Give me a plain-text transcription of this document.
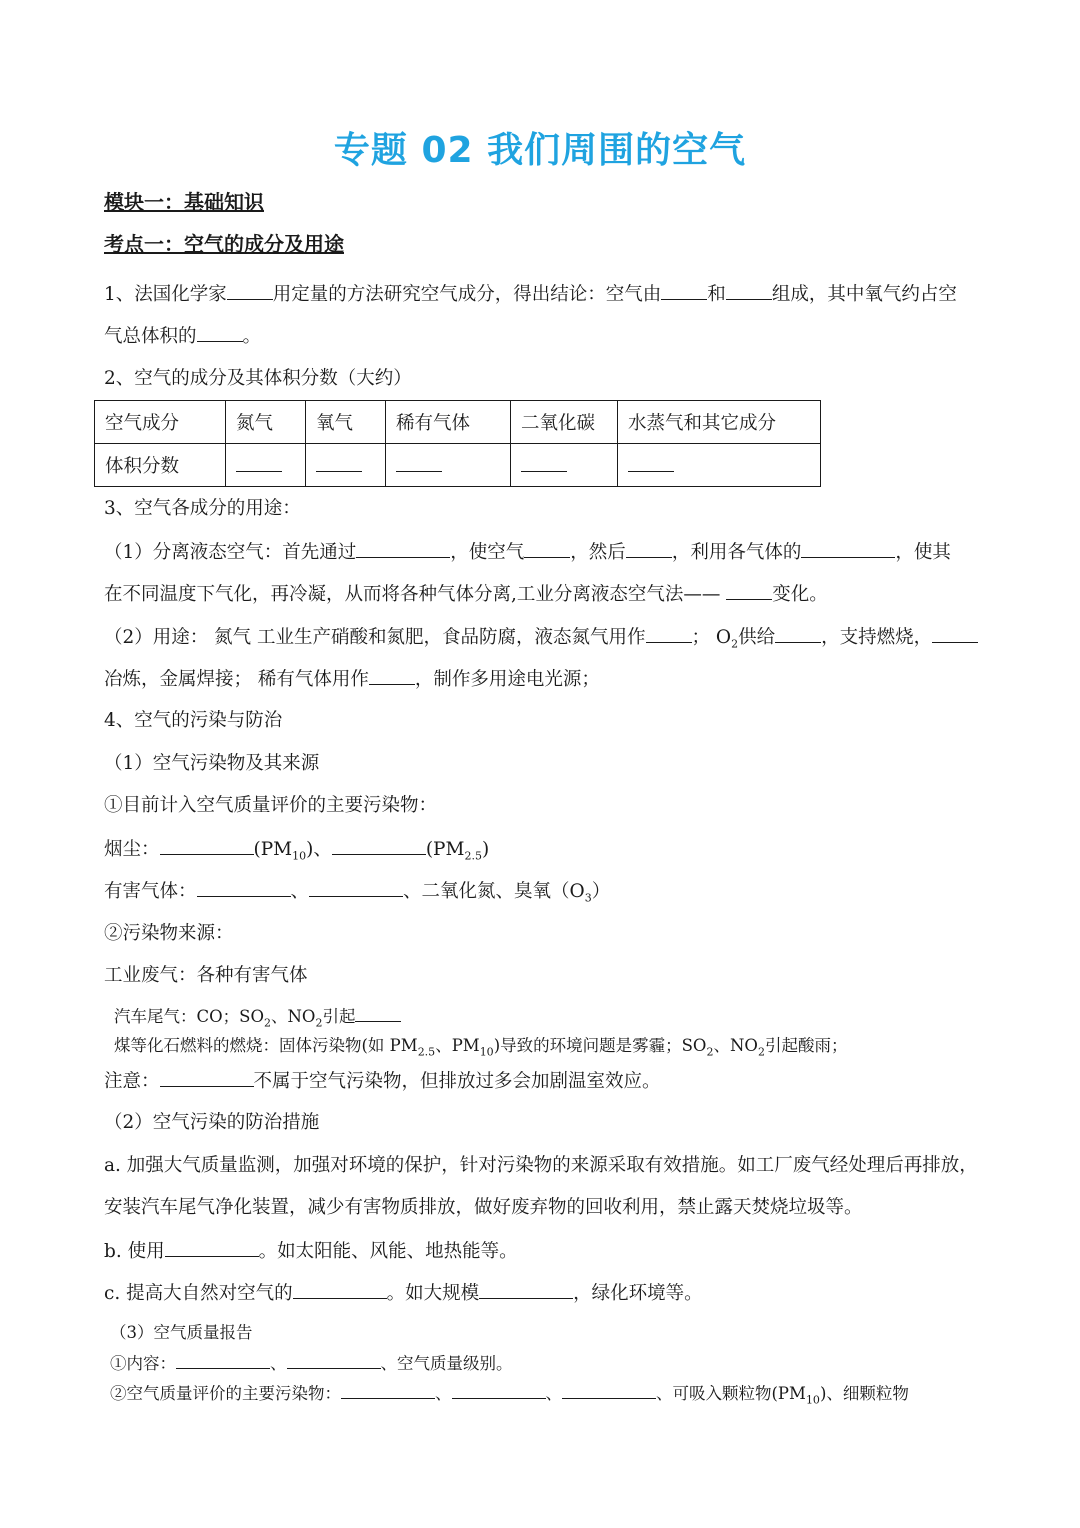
专题 02 我们周围的空气
模块一：基础知识
考点一：空气的成分及用途
1、法国化学家 用定量的方法研究空气成分，得出结论：空气由 和 组成，其中氧气约占空
气总体积的 。
2、空气的成分及其体积分数（大约）
空气成分	氮气	氧气	稀有气体	二氧化碳	水蒸气和其它成分
体积分数					
3、空气各成分的用途：
（1）分离液态空气：首先通过	，使空气 ，然后 ，利用各气体的	，使其
在不同温度下气化，再冷凝，从而将各种气体分离,工业分离液态空气法—— 变化。
（2）用途： 氮气 工业生产硝酸和氮肥，食品防腐，液态氮气用作 ； $O_2$供给 ，支持燃烧，
冶炼，金属焊接； 稀有气体用作 ，制作多用途电光源；
4、空气的污染与防治
（1）空气污染物及其来源
①目前计入空气质量评价的主要污染物：
烟尘：	$(PM_{10})$、	$(PM_{2.5})$
有害气体：	、	、二氧化氮、臭氧$(O_3)$
②污染物来源：
工业废气：各种有害气体
汽车尾气：CO；$SO_2$、$NO_2$引起
煤等化石燃料的燃烧：固体污染物(如 $PM_{2.5}$、$PM_{10}$)导致的环境问题是雾霾；$SO_2$、$NO_2$引起酸雨；
注意：	不属于空气污染物，但排放过多会加剧温室效应。
（2）空气污染的防治措施
a. 加强大气质量监测，加强对环境的保护，针对污染物的来源采取有效措施。如工厂废气经处理后再排放，
安装汽车尾气净化装置，减少有害物质排放，做好废弃物的回收利用，禁止露天焚烧垃圾等。
b. 使用	。如太阳能、风能、地热能等。
c. 提高大自然对空气的	。如大规模	，绿化环境等。
（3）空气质量报告
①内容：	、	、空气质量级别。
②空气质量评价的主要污染物：	、	、	、可吸入颗粒物$(PM_{10})$、细颗粒物
